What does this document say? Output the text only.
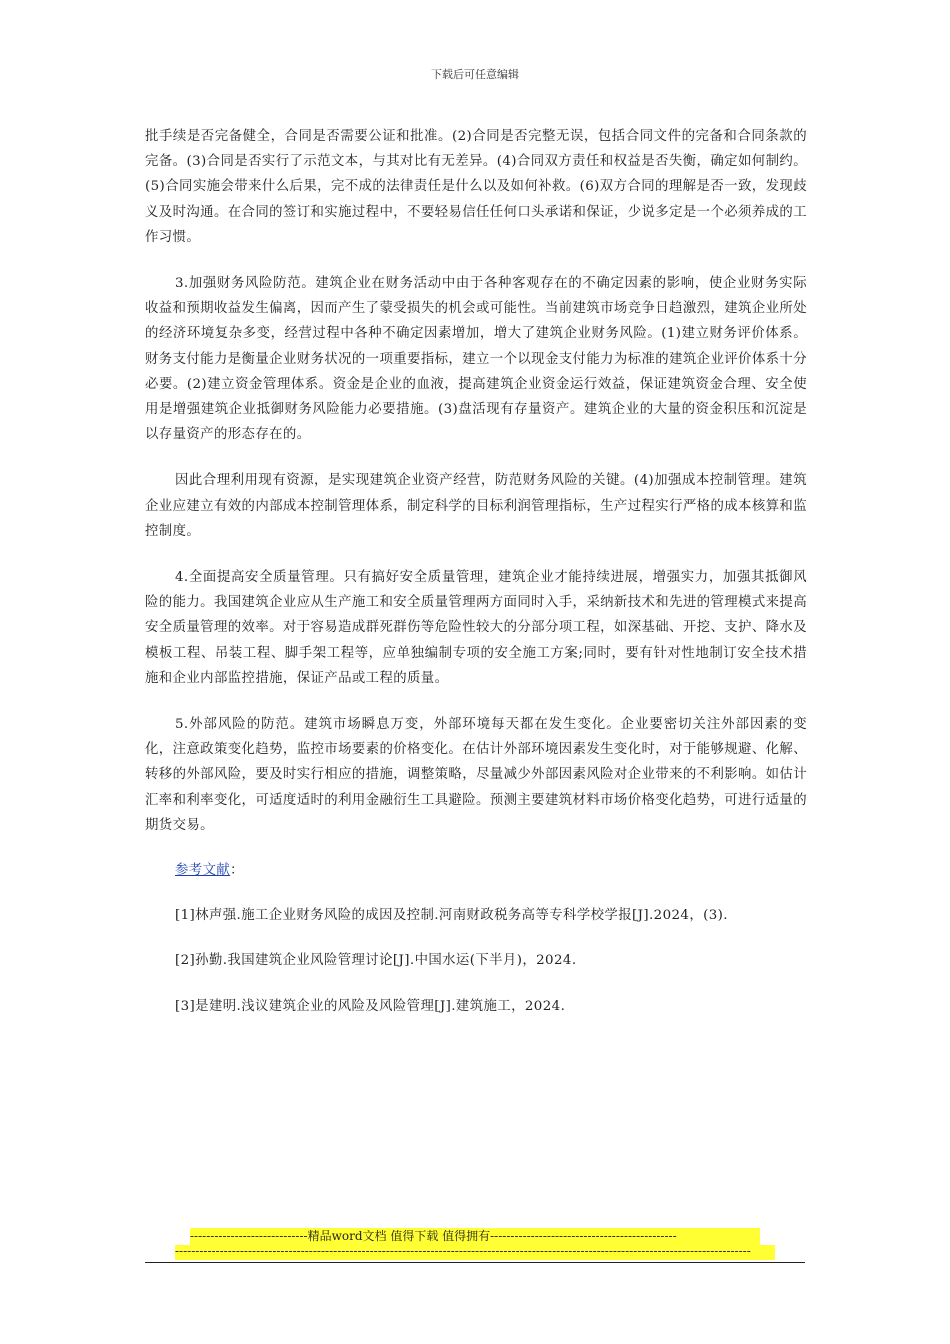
下载后可任意编辑

批手续是否完备健全，合同是否需要公证和批准。(2)合同是否完整无误，包括合同文件的完备和合同条款的完备。(3)合同是否实行了示范文本，与其对比有无差异。(4)合同双方责任和权益是否失衡，确定如何制约。(5)合同实施会带来什么后果，完不成的法律责任是什么以及如何补救。(6)双方合同的理解是否一致，发现歧义及时沟通。在合同的签订和实施过程中，不要轻易信任任何口头承诺和保证，少说多定是一个必须养成的工作习惯。

3.加强财务风险防范。建筑企业在财务活动中由于各种客观存在的不确定因素的影响，使企业财务实际收益和预期收益发生偏离，因而产生了蒙受损失的机会或可能性。当前建筑市场竞争日趋激烈，建筑企业所处的经济环境复杂多变，经营过程中各种不确定因素增加，增大了建筑企业财务风险。(1)建立财务评价体系。财务支付能力是衡量企业财务状况的一项重要指标，建立一个以现金支付能力为标准的建筑企业评价体系十分必要。(2)建立资金管理体系。资金是企业的血液，提高建筑企业资金运行效益，保证建筑资金合理、安全使用是增强建筑企业抵御财务风险能力必要措施。(3)盘活现有存量资产。建筑企业的大量的资金积压和沉淀是以存量资产的形态存在的。

因此合理利用现有资源，是实现建筑企业资产经营，防范财务风险的关键。(4)加强成本控制管理。建筑企业应建立有效的内部成本控制管理体系，制定科学的目标利润管理指标，生产过程实行严格的成本核算和监控制度。

4.全面提高安全质量管理。只有搞好安全质量管理，建筑企业才能持续进展，增强实力，加强其抵御风险的能力。我国建筑企业应从生产施工和安全质量管理两方面同时入手，采纳新技术和先进的管理模式来提高安全质量管理的效率。对于容易造成群死群伤等危险性较大的分部分项工程，如深基础、开挖、支护、降水及模板工程、吊装工程、脚手架工程等，应单独编制专项的安全施工方案;同时，要有针对性地制订安全技术措施和企业内部监控措施，保证产品或工程的质量。

5.外部风险的防范。建筑市场瞬息万变，外部环境每天都在发生变化。企业要密切关注外部因素的变化，注意政策变化趋势，监控市场要素的价格变化。在估计外部环境因素发生变化时，对于能够规避、化解、转移的外部风险，要及时实行相应的措施，调整策略，尽量减少外部因素风险对企业带来的不利影响。如估计汇率和利率变化，可适度适时的利用金融衍生工具避险。预测主要建筑材料市场价格变化趋势，可进行适量的期货交易。

参考文献：

[1]林声强.施工企业财务风险的成因及控制.河南财政税务高等专科学校学报[J].2024，(3).

[2]孙勤.我国建筑企业风险管理讨论[J].中国水运(下半月)，2024.

[3]是建明.浅议建筑企业的风险及风险管理[J].建筑施工，2024.

-----------------------------精品word文档 值得下载 值得拥有----------------------------------------------
----------------------------------------------------------------------------------------------------------------------------------------------
